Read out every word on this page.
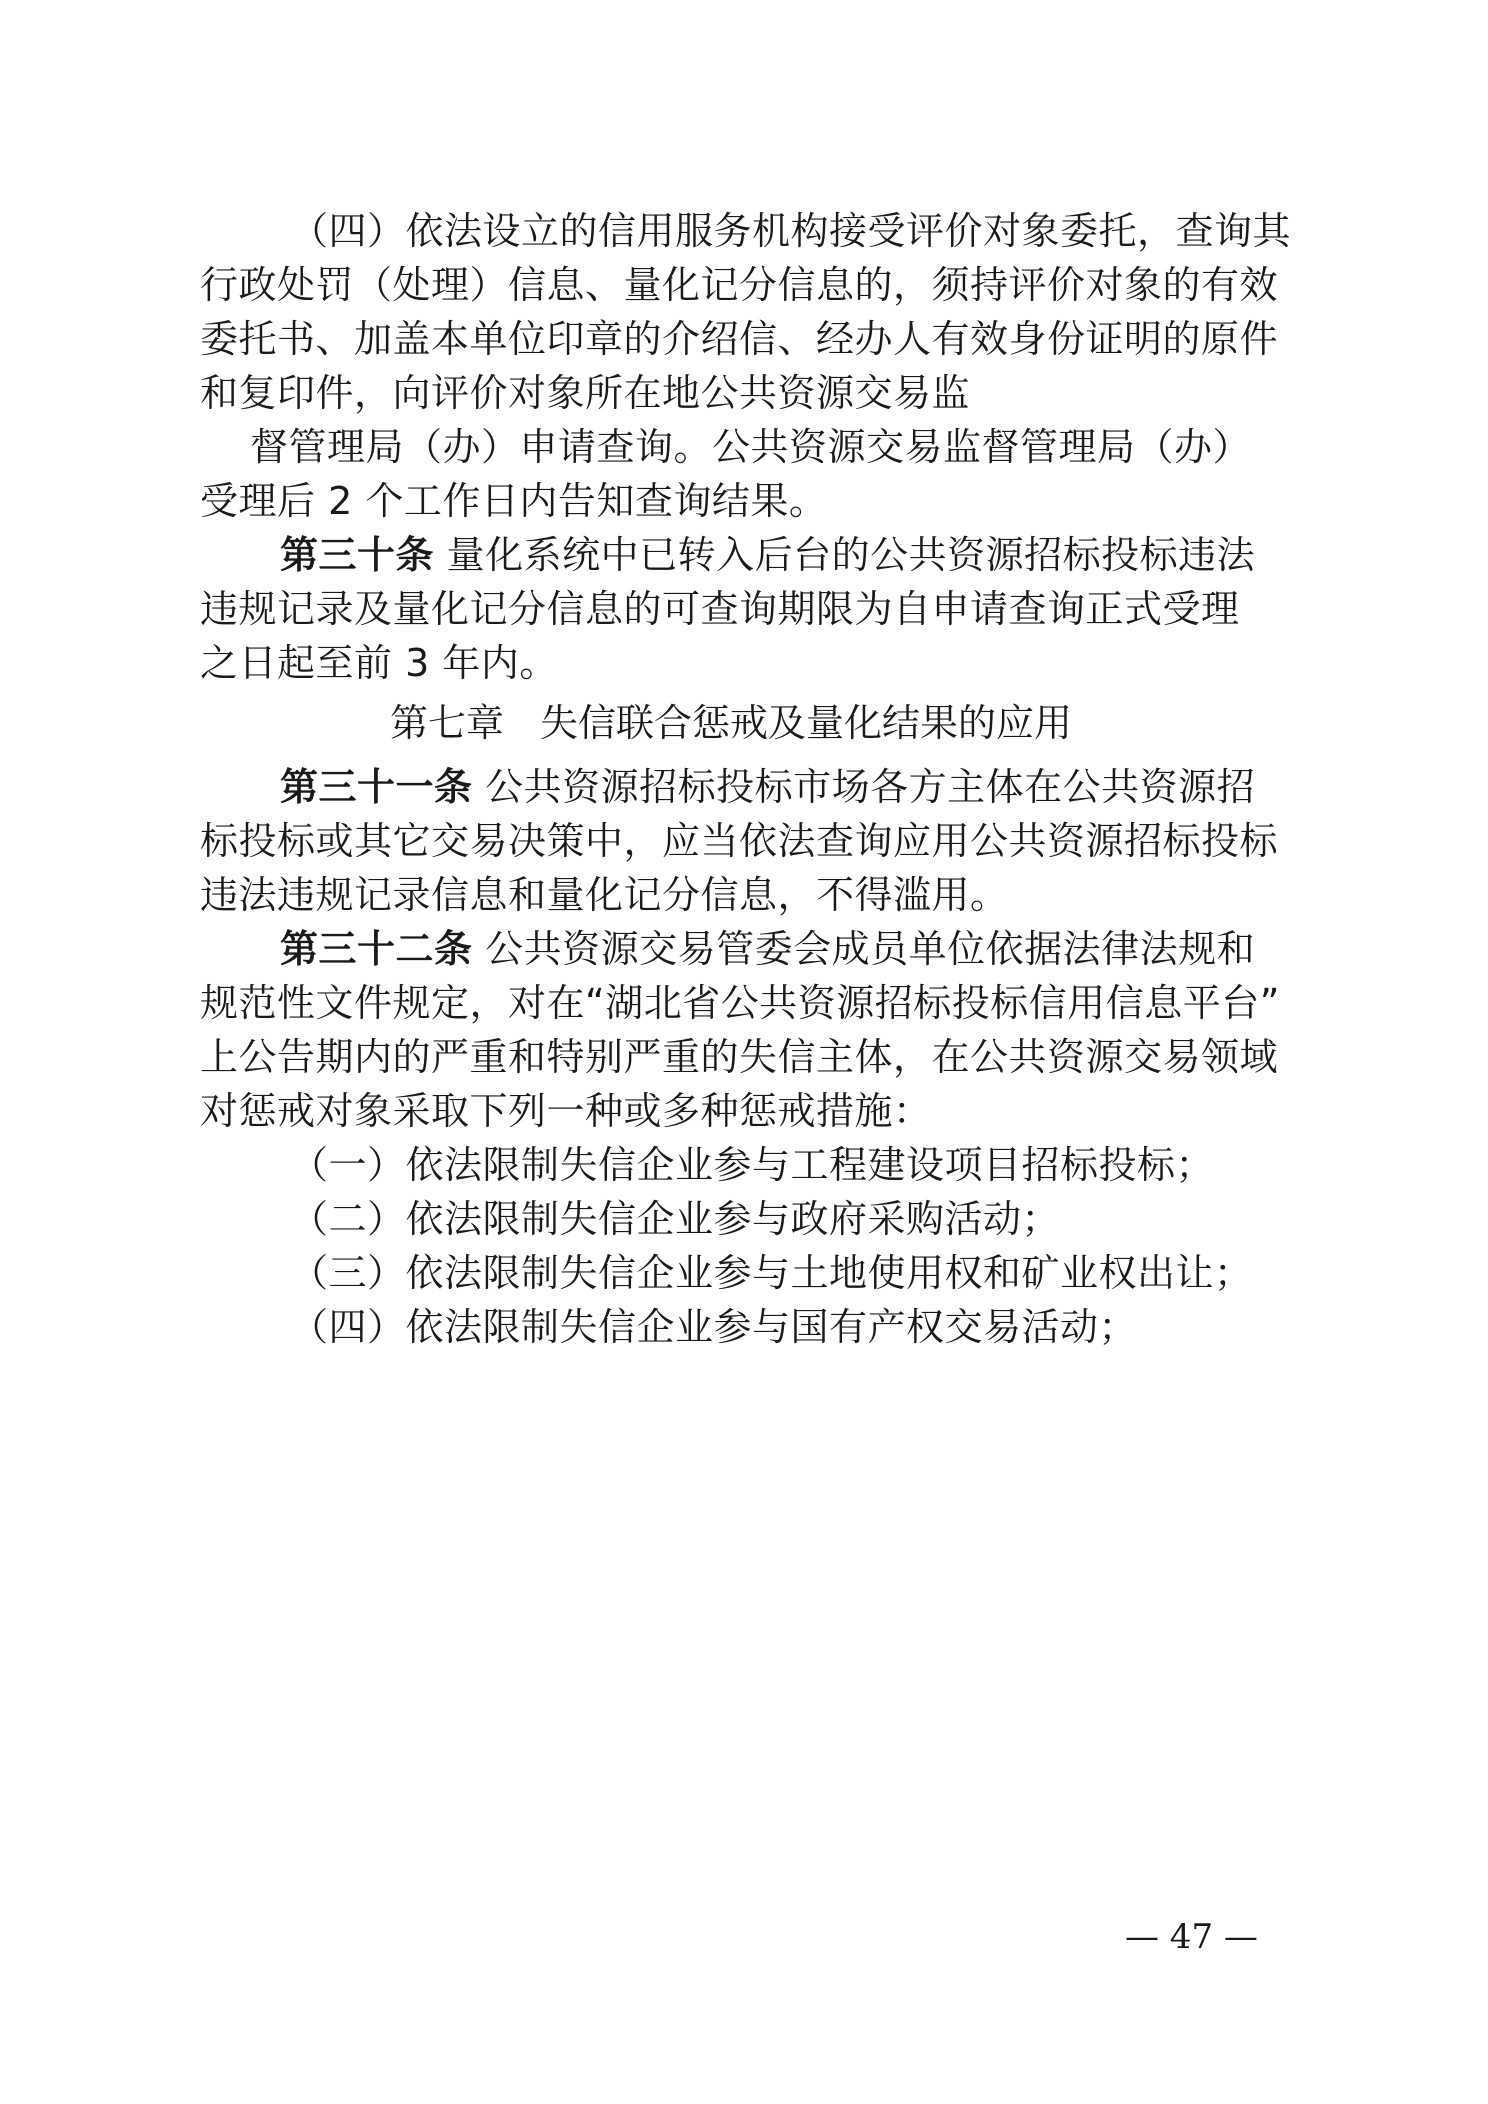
（四）依法设立的信用服务机构接受评价对象委托，查询其
行政处罚（处理）信息、量化记分信息的，须持评价对象的有效
委托书、加盖本单位印章的介绍信、经办人有效身份证明的原件
和复印件，向评价对象所在地公共资源交易监
督管理局（办）申请查询。公共资源交易监督管理局（办）
受理后 2 个工作日内告知查询结果。
第三十条 量化系统中已转入后台的公共资源招标投标违法
违规记录及量化记分信息的可查询期限为自申请查询正式受理
之日起至前 3 年内。
第七章 失信联合惩戒及量化结果的应用
第三十一条 公共资源招标投标市场各方主体在公共资源招
标投标或其它交易决策中，应当依法查询应用公共资源招标投标
违法违规记录信息和量化记分信息，不得滥用。
第三十二条 公共资源交易管委会成员单位依据法律法规和
规范性文件规定，对在“湖北省公共资源招标投标信用信息平台”
上公告期内的严重和特别严重的失信主体，在公共资源交易领域
对惩戒对象采取下列一种或多种惩戒措施：
（一）依法限制失信企业参与工程建设项目招标投标；
（二）依法限制失信企业参与政府采购活动；
（三）依法限制失信企业参与土地使用权和矿业权出让；
（四）依法限制失信企业参与国有产权交易活动；
— 47 —
